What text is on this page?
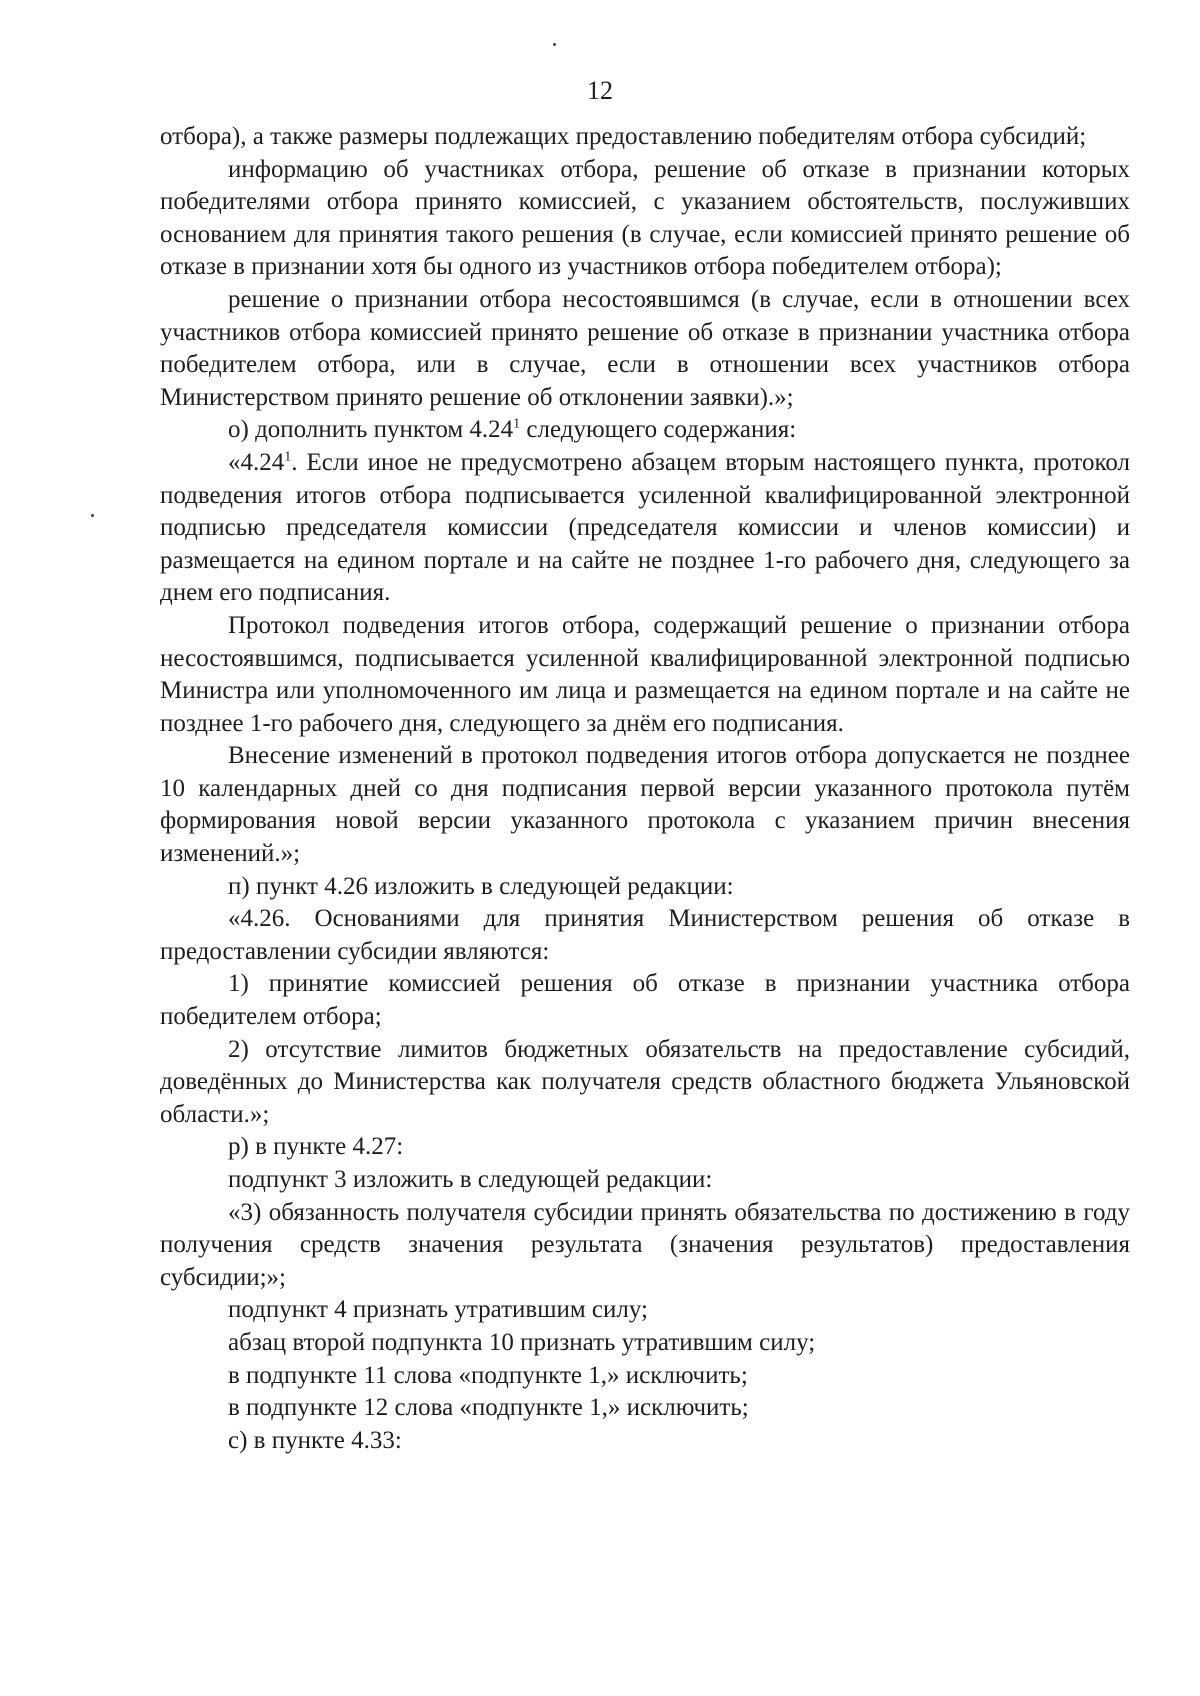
12

отбора), а также размеры подлежащих предоставлению победителям отбора субсидий;

информацию об участниках отбора, решение об отказе в признании которых победителями отбора принято комиссией, с указанием обстоятельств, послуживших основанием для принятия такого решения (в случае, если комиссией принято решение об отказе в признании хотя бы одного из участников отбора победителем отбора);

решение о признании отбора несостоявшимся (в случае, если в отношении всех участников отбора комиссией принято решение об отказе в признании участника отбора победителем отбора, или в случае, если в отношении всех участников отбора Министерством принято решение об отклонении заявки).»;

о) дополнить пунктом 4.24$^1$ следующего содержания:

«4.24$^1$. Если иное не предусмотрено абзацем вторым настоящего пункта, протокол подведения итогов отбора подписывается усиленной квалифицированной электронной подписью председателя комиссии (председателя комиссии и членов комиссии) и размещается на едином портале и на сайте не позднее 1-го рабочего дня, следующего за днем его подписания.

Протокол подведения итогов отбора, содержащий решение о признании отбора несостоявшимся, подписывается усиленной квалифицированной электронной подписью Министра или уполномоченного им лица и размещается на едином портале и на сайте не позднее 1-го рабочего дня, следующего за днём его подписания.

Внесение изменений в протокол подведения итогов отбора допускается не позднее 10 календарных дней со дня подписания первой версии указанного протокола путём формирования новой версии указанного протокола с указанием причин внесения изменений.»;

п) пункт 4.26 изложить в следующей редакции:

«4.26. Основаниями для принятия Министерством решения об отказе в предоставлении субсидии являются:

1) принятие комиссией решения об отказе в признании участника отбора победителем отбора;

2) отсутствие лимитов бюджетных обязательств на предоставление субсидий, доведённых до Министерства как получателя средств областного бюджета Ульяновской области.»;

р) в пункте 4.27:

подпункт 3 изложить в следующей редакции:

«3) обязанность получателя субсидии принять обязательства по достижению в году получения средств значения результата (значения результатов) предоставления субсидии;»;

подпункт 4 признать утратившим силу;

абзац второй подпункта 10 признать утратившим силу;

в подпункте 11 слова «подпункте 1,» исключить;

в подпункте 12 слова «подпункте 1,» исключить;

с) в пункте 4.33:
